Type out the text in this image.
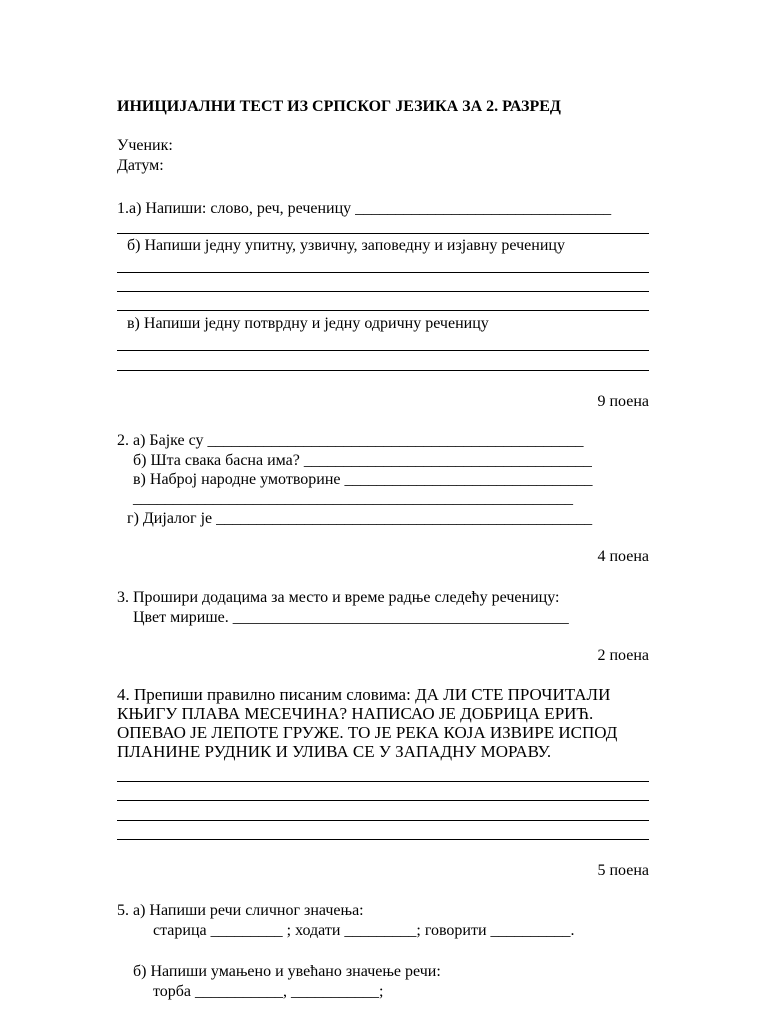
ИНИЦИЈАЛНИ ТЕСТ ИЗ СРПСКОГ ЈЕЗИКА ЗА 2. РАЗРЕД
Ученик:
Датум:
1.а) Напиши: слово, реч, реченицу ________________________________
б) Напиши једну упитну, узвичну, заповедну и изјавну реченицу
в) Напиши једну потврдну и једну одричну реченицу
9 поена
2. а) Бајке су _______________________________________________
б) Шта свака басна има? ____________________________________
в) Наброј народне умотворине _______________________________
_______________________________________________________
г) Дијалог је _______________________________________________
4 поена
3. Прошири додацима за место и време радње следећу реченицу:
Цвет мирише. __________________________________________
2 поена
4. Препиши правилно писаним словима: ДА ЛИ СТЕ ПРОЧИТАЛИ
КЊИГУ ПЛАВА МЕСЕЧИНА? НАПИСАО ЈЕ ДОБРИЦА ЕРИЋ.
ОПЕВАО ЈЕ ЛЕПОТЕ ГРУЖЕ. ТО ЈЕ РЕКА КОЈА ИЗВИРЕ ИСПОД
ПЛАНИНЕ РУДНИК И УЛИВА СЕ У ЗАПАДНУ МОРАВУ.
5 поена
5. а) Напиши речи сличног значења:
старица _________ ; ходати _________; говорити __________.
б) Напиши умањено и увећано значење речи:
торба ___________, ___________;
